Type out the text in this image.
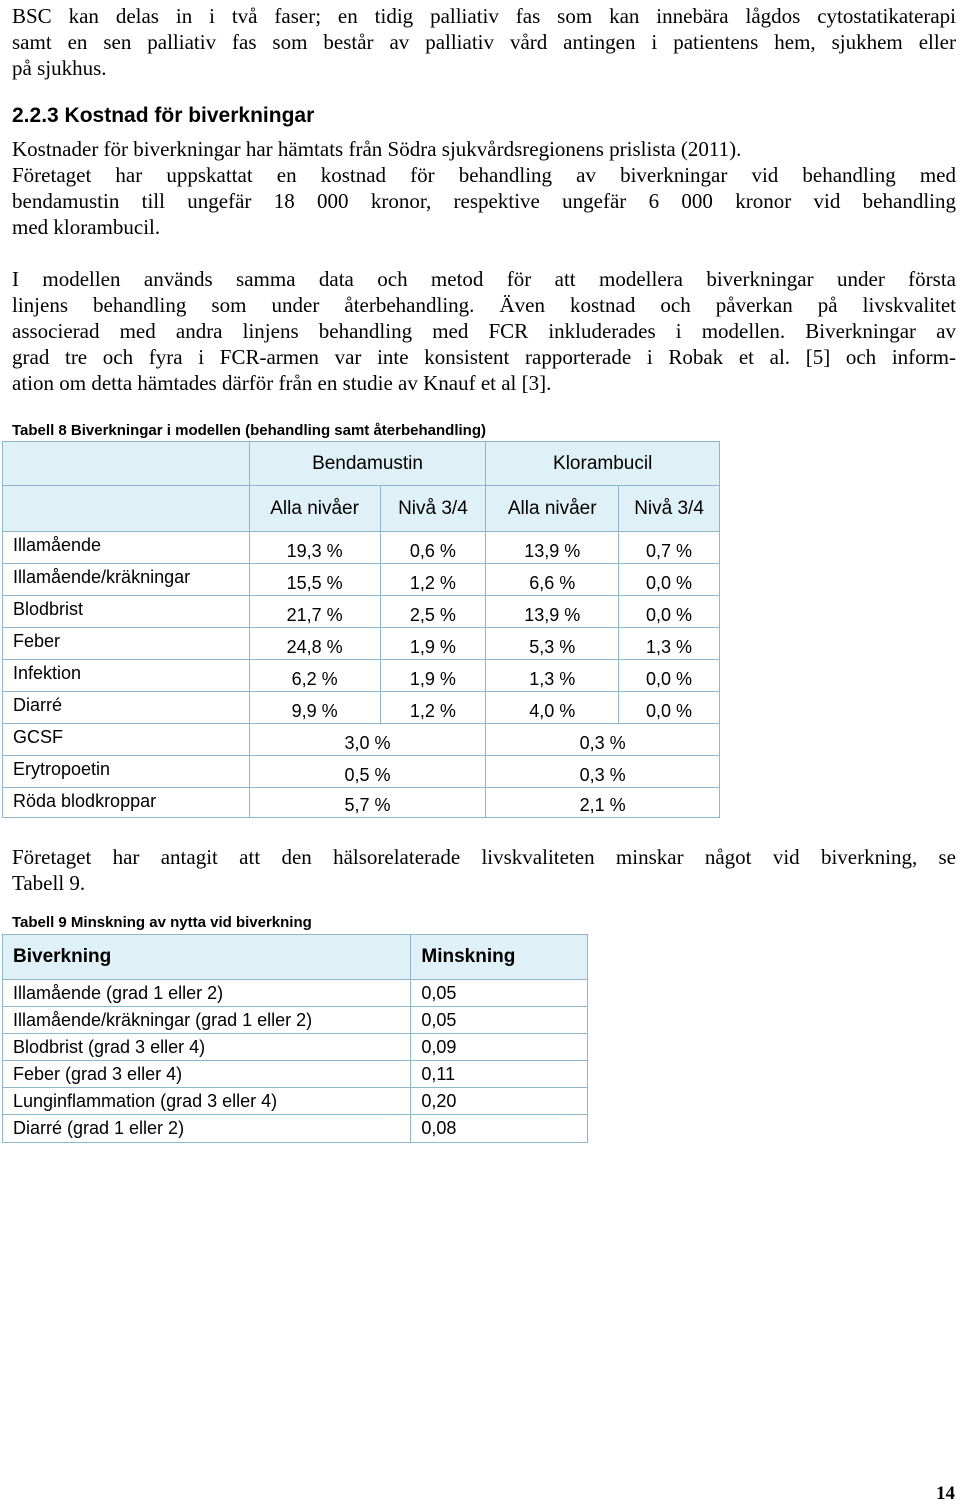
BSC kan delas in i två faser; en tidig palliativ fas som kan innebära lågdos cytostatikaterapi
samt en sen palliativ fas som består av palliativ vård antingen i patientens hem, sjukhem eller
på sjukhus.
2.2.3 Kostnad för biverkningar
Kostnader för biverkningar har hämtats från Södra sjukvårdsregionens prislista (2011).
Företaget har uppskattat en kostnad för behandling av biverkningar vid behandling med
bendamustin till ungefär 18 000 kronor, respektive ungefär 6 000 kronor vid behandling
med klorambucil.
I modellen används samma data och metod för att modellera biverkningar under första
linjens behandling som under återbehandling. Även kostnad och påverkan på livskvalitet
associerad med andra linjens behandling med FCR inkluderades i modellen. Biverkningar av
grad tre och fyra i FCR-armen var inte konsistent rapporterade i Robak et al. [5] och inform-
ation om detta hämtades därför från en studie av Knauf et al [3].
Tabell 8 Biverkningar i modellen (behandling samt återbehandling)
	Bendamustin		Klorambucil	
	Alla nivåer	Nivå 3/4	Alla nivåer	Nivå 3/4
Illamående	19,3 %	0,6 %	13,9 %	0,7 %
Illamående/kräkningar	15,5 %	1,2 %	6,6 %	0,0 %
Blodbrist	21,7 %	2,5 %	13,9 %	0,0 %
Feber	24,8 %	1,9 %	5,3 %	1,3 %
Infektion	6,2 %	1,9 %	1,3 %	0,0 %
Diarré	9,9 %	1,2 %	4,0 %	0,0 %
GCSF	3,0 %		0,3 %	
Erytropoetin	0,5 %		0,3 %	
Röda blodkroppar	5,7 %		2,1 %	
Företaget har antagit att den hälsorelaterade livskvaliteten minskar något vid biverkning, se
Tabell 9.
Tabell 9 Minskning av nytta vid biverkning
Biverkning	Minskning
Illamående (grad 1 eller 2)	0,05
Illamående/kräkningar (grad 1 eller 2)	0,05
Blodbrist (grad 3 eller 4)	0,09
Feber (grad 3 eller 4)	0,11
Lunginflammation (grad 3 eller 4)	0,20
Diarré (grad 1 eller 2)	0,08
14
